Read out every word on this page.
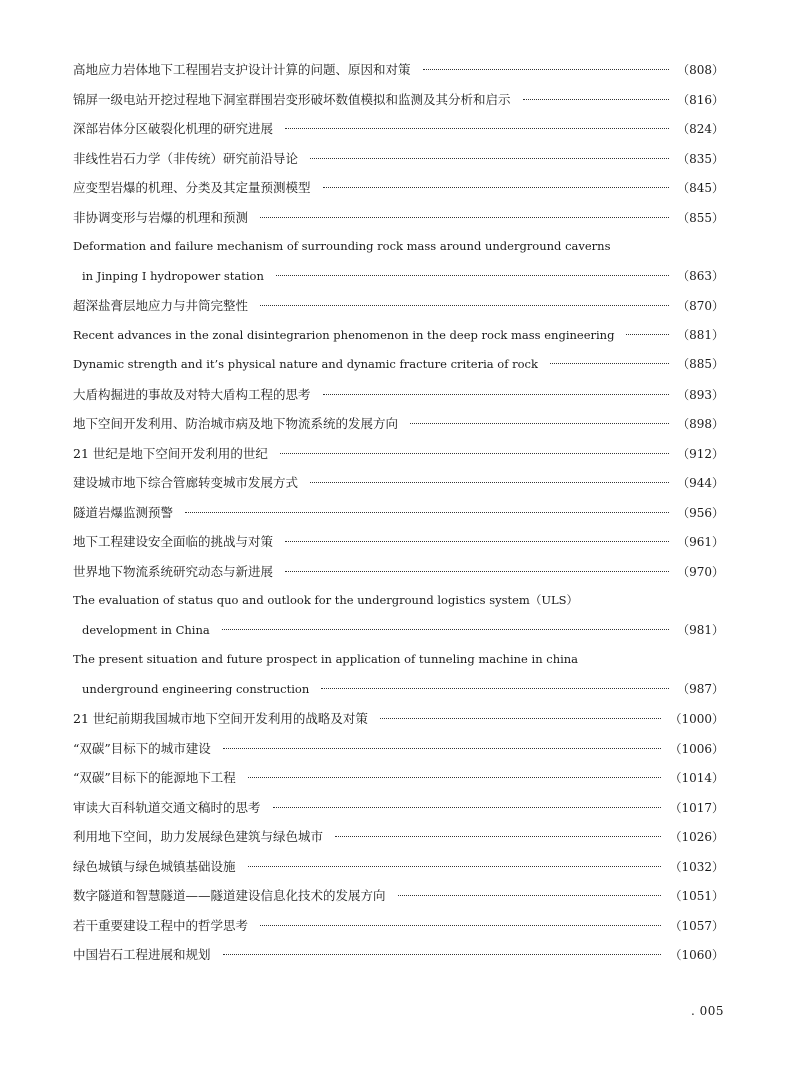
高地应力岩体地下工程围岩支护设计计算的问题、原因和对策	（808）
锦屏一级电站开挖过程地下洞室群围岩变形破坏数值模拟和监测及其分析和启示	（816）
深部岩体分区破裂化机理的研究进展	（824）
非线性岩石力学（非传统）研究前沿导论	（835）
应变型岩爆的机理、分类及其定量预测模型	（845）
非协调变形与岩爆的机理和预测	（855）
Deformation and failure mechanism of surrounding rock mass around underground caverns
in Jinping I hydropower station	（863）
超深盐膏层地应力与井筒完整性	（870）
Recent advances in the zonal disintegrarion phenomenon in the deep rock mass engineering	（881）
Dynamic strength and it’s physical nature and dynamic fracture criteria of rock	（885）
大盾构掘进的事故及对特大盾构工程的思考	（893）
地下空间开发利用、防治城市病及地下物流系统的发展方向	（898）
21 世纪是地下空间开发利用的世纪	（912）
建设城市地下综合管廊转变城市发展方式	（944）
隧道岩爆监测预警	（956）
地下工程建设安全面临的挑战与对策	（961）
世界地下物流系统研究动态与新进展	（970）
The evaluation of status quo and outlook for the underground logistics system（ULS）
development in China	（981）
The present situation and future prospect in application of tunneling machine in china
underground engineering construction	（987）
21 世纪前期我国城市地下空间开发利用的战略及对策	（1000）
“双碳”目标下的城市建设	（1006）
“双碳”目标下的能源地下工程	（1014）
审读大百科轨道交通文稿时的思考	（1017）
利用地下空间，助力发展绿色建筑与绿色城市	（1026）
绿色城镇与绿色城镇基础设施	（1032）
数字隧道和智慧隧道——隧道建设信息化技术的发展方向	（1051）
若干重要建设工程中的哲学思考	（1057）
中国岩石工程进展和规划	（1060）
. 005
